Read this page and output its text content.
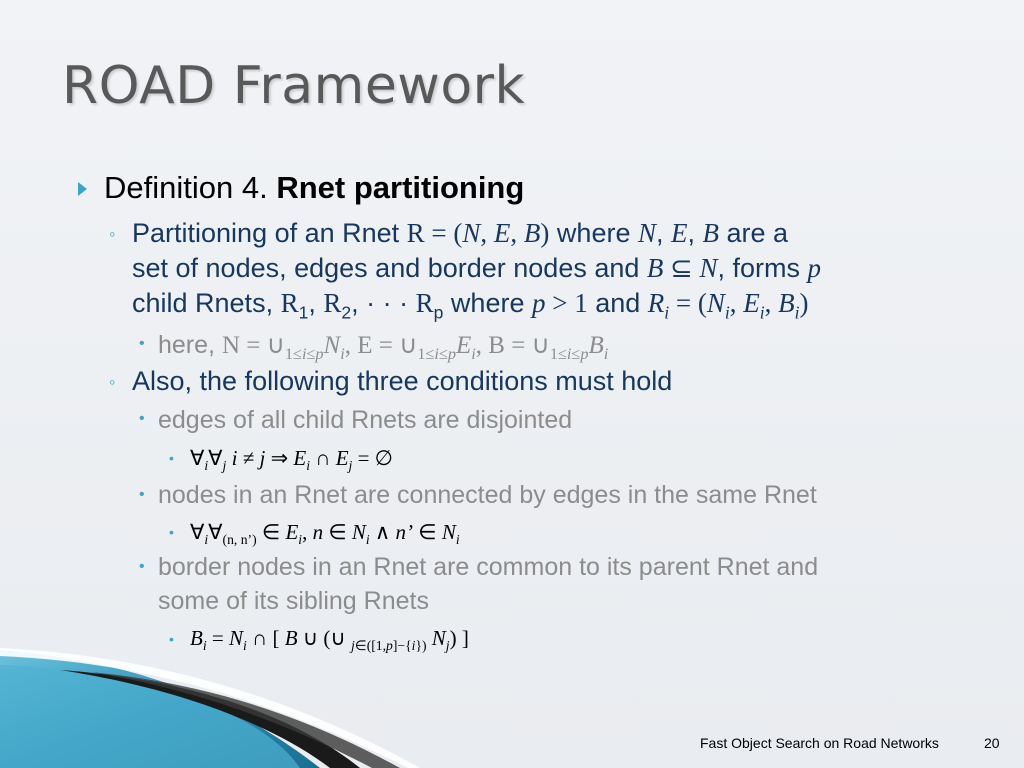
ROAD Framework
Definition 4. Rnet partitioning
◦ Partitioning of an Rnet R = (N, E, B) where N, E, B are a
set of nodes, edges and border nodes and B ⊆ N, forms p
child Rnets, $R_1$, $R_2$, · · · $R_p$ where p > 1 and $R_i = (N_i$, $E_i$, $B_i$)
• here, $N = \cup_{1\le i\le p}N_i$, $E = \cup_{1\le i\le p}E_i$, $B = \cup_{1\le i\le p}B_i$
◦ Also, the following three conditions must hold
• edges of all child Rnets are disjointed
• $\forall_i\forall_j$ i ≠ j ⇒ $E_i$ ∩ $E_j$ = ∅
• nodes in an Rnet are connected by edges in the same Rnet
• $\forall_i\forall_{(n, n’)}$ ∈ $E_i$, n ∈ $N_i$ ∧ n’ ∈ $N_i$
• border nodes in an Rnet are common to its parent Rnet and
some of its sibling Rnets
• $B_i = N_i$ ∩ [ B ∪ (∪ $_{j\in([1,p]-\{i\})}$ $N_j$) ]
Fast Object Search on Road Networks	20
